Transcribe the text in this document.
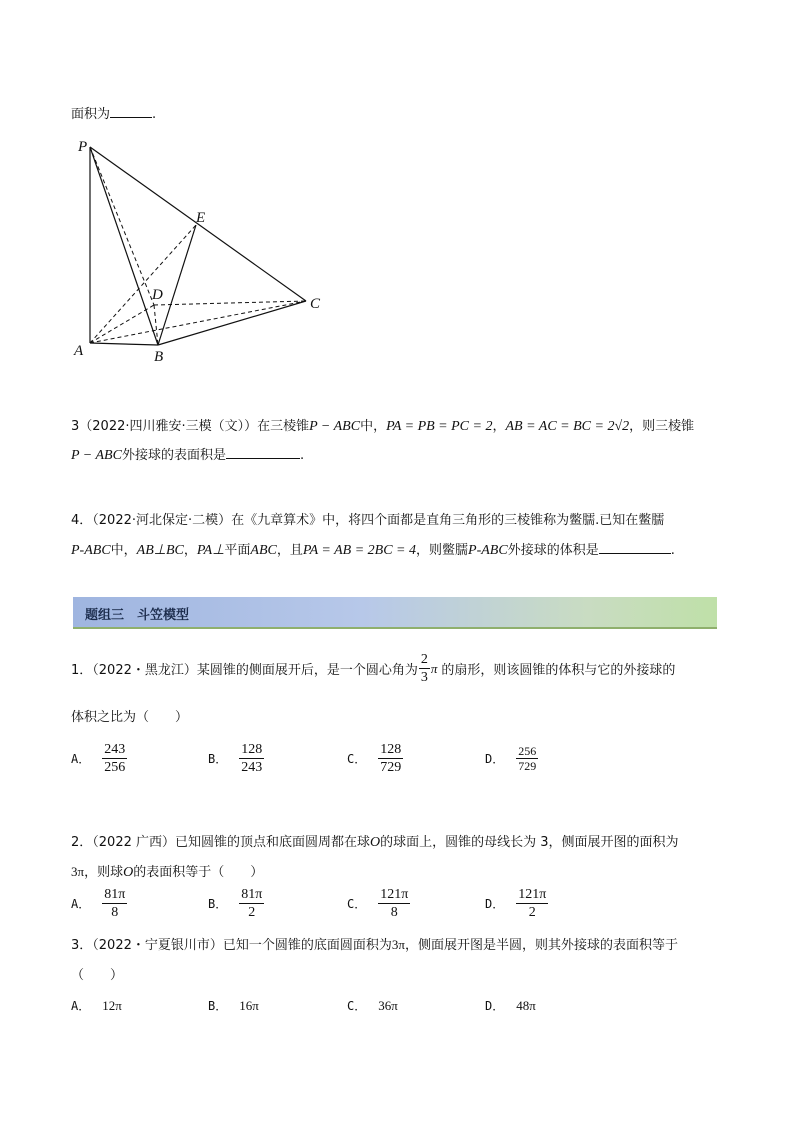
面积为	.
P
E
D
C
A	B
3（2022·四川雅安·三模（文））在三棱锥P − ABC中，PA = PB = PC = 2，AB = AC = BC = 2√2，则三棱锥
P − ABC外接球的表面积是	.
4．（2022·河北保定·二模）在《九章算术》中，将四个面都是直角三角形的三棱锥称为鳖臑.已知在鳖臑
P-ABC中，AB⊥BC，PA⊥平面ABC，且PA = AB = 2BC = 4，则鳖臑P-ABC外接球的体积是	.
题组三　斗笠模型
1．（2022・黑龙江）某圆锥的侧面展开后，是一个圆心角为 $\frac{2}{3}$ π 的扇形，则该圆锥的体积与它的外接球的
体积之比为（　　）
A． $\frac{243}{256}$	B． $\frac{128}{243}$	C． $\frac{128}{729}$	D． $\frac{256}{729}$
2．（2022 广西）已知圆锥的顶点和底面圆周都在球O的球面上，圆锥的母线长为 3，侧面展开图的面积为
3π，则球O的表面积等于（　　）
A． $\frac{81\pi}{8}$	B． $\frac{81\pi}{2}$	C． $\frac{121\pi}{8}$	D． $\frac{121\pi}{2}$
3．（2022・宁夏银川市）已知一个圆锥的底面圆面积为3π，侧面展开图是半圆，则其外接球的表面积等于
（　　）
A． 12π	B． 16π	C． 36π	D． 48π
